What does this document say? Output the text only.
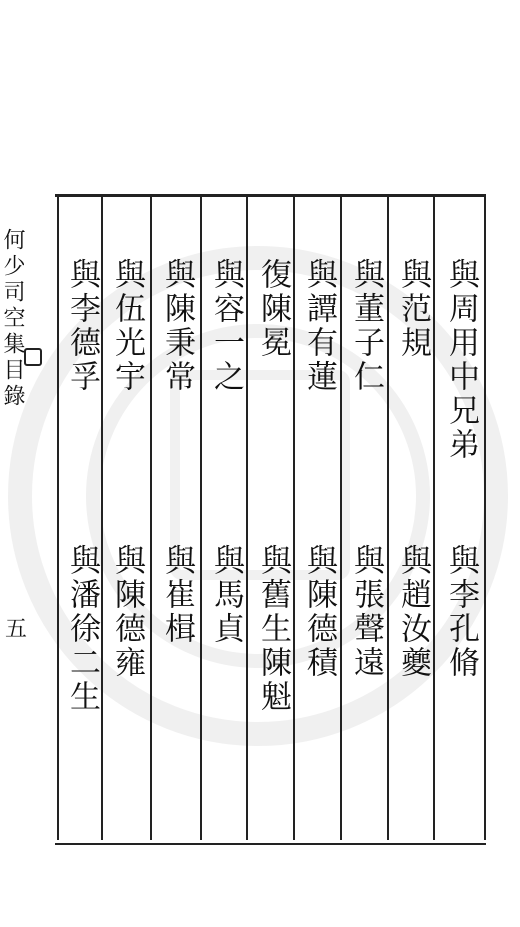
何少司空集目錄
五
與周用中兄弟
與李孔脩
與范規
與趙汝夔
與董子仁
與張聲遠
與譚有蓮
與陳德積
復陳冕
與舊生陳魁
與容一之
與馬貞
與陳秉常
與崔楫
與伍光宇
與陳德雍
與李德孚
與潘徐二生
